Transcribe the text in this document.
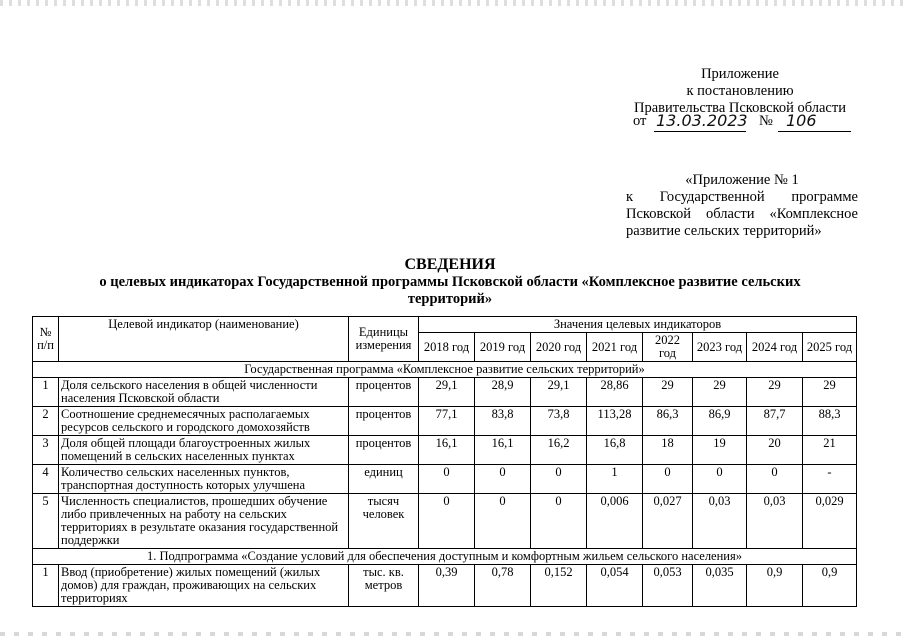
Приложение
к постановлению
Правительства Псковской области
от 13.03.2023 № 106
«Приложение № 1
к Государственной программе
Псковской области «Комплексное
развитие сельских территорий»
СВЕДЕНИЯ
о целевых индикаторах Государственной программы Псковской области «Комплексное развитие сельских
территорий»
№ п/п	Целевой индикатор (наименование)	Единицы измерения	Значения целевых индикаторов							
			2018 год	2019 год	2020 год	2021 год	2022 год	2023 год	2024 год	2025 год
Государственная программа «Комплексное развитие сельских территорий»										
1	Доля сельского населения в общей численности населения Псковской области	процентов	29,1	28,9	29,1	28,86	29	29	29	29
2	Соотношение среднемесячных располагаемых ресурсов сельского и городского домохозяйств	процентов	77,1	83,8	73,8	113,28	86,3	86,9	87,7	88,3
3	Доля общей площади благоустроенных жилых помещений в сельских населенных пунктах	процентов	16,1	16,1	16,2	16,8	18	19	20	21
4	Количество сельских населенных пунктов, транспортная доступность которых улучшена	единиц	0	0	0	1	0	0	0	-
5	Численность специалистов, прошедших обучение либо привлеченных на работу на сельских территориях в результате оказания государственной поддержки	тысяч человек	0	0	0	0,006	0,027	0,03	0,03	0,029
1. Подпрограмма «Создание условий для обеспечения доступным и комфортным жильем сельского населения»										
1	Ввод (приобретение) жилых помещений (жилых домов) для граждан, проживающих на сельских территориях	тыс. кв. метров	0,39	0,78	0,152	0,054	0,053	0,035	0,9	0,9
